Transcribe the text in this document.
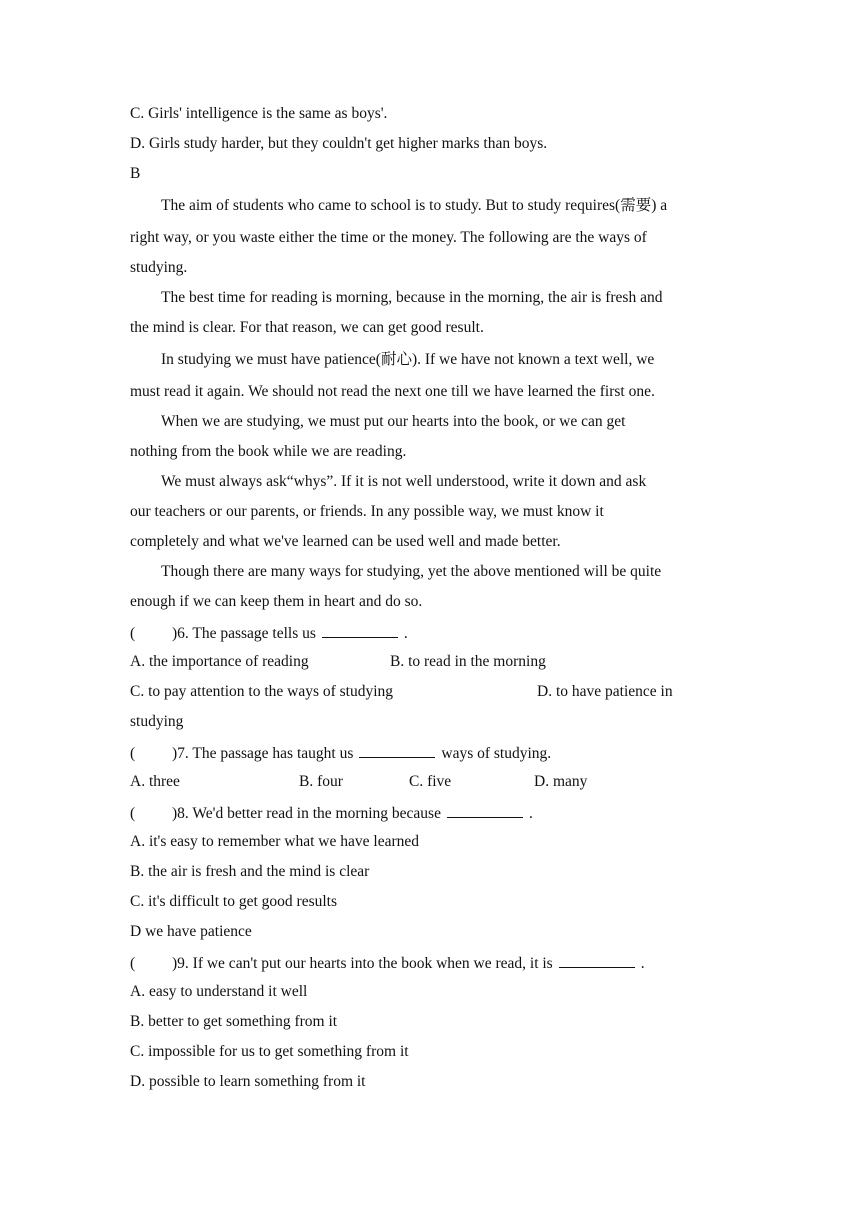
C. Girls' intelligence is the same as boys'.
D. Girls study harder, but they couldn't get higher marks than boys.
B
The aim of students who came to school is to study. But to study requires(需要) a
right way, or you waste either the time or the money. The following are the ways of
studying.
The best time for reading is morning, because in the morning, the air is fresh and
the mind is clear. For that reason, we can get good result.
In studying we must have patience(耐心). If we have not known a text well, we
must read it again. We should not read the next one till we have learned the first one.
When we are studying, we must put our hearts into the book, or we can get
nothing from the book while we are reading.
We must always ask“whys”. If it is not well understood, write it down and ask
our teachers or our parents, or friends. In any possible way, we must know it
completely and what we've learned can be used well and made better.
Though there are many ways for studying, yet the above mentioned will be quite
enough if we can keep them in heart and do so.
( )6. The passage tells us	.
A. the importance of reading	B. to read in the morning
C. to pay attention to the ways of studying	D. to have patience in
studying
( )7. The passage has taught us	ways of studying.
A. three	B. four	C. five	D. many
( )8. We'd better read in the morning because	.
A. it's easy to remember what we have learned
B. the air is fresh and the mind is clear
C. it's difficult to get good results
D we have patience
( )9. If we can't put our hearts into the book when we read, it is	.
A. easy to understand it well
B. better to get something from it
C. impossible for us to get something from it
D. possible to learn something from it
